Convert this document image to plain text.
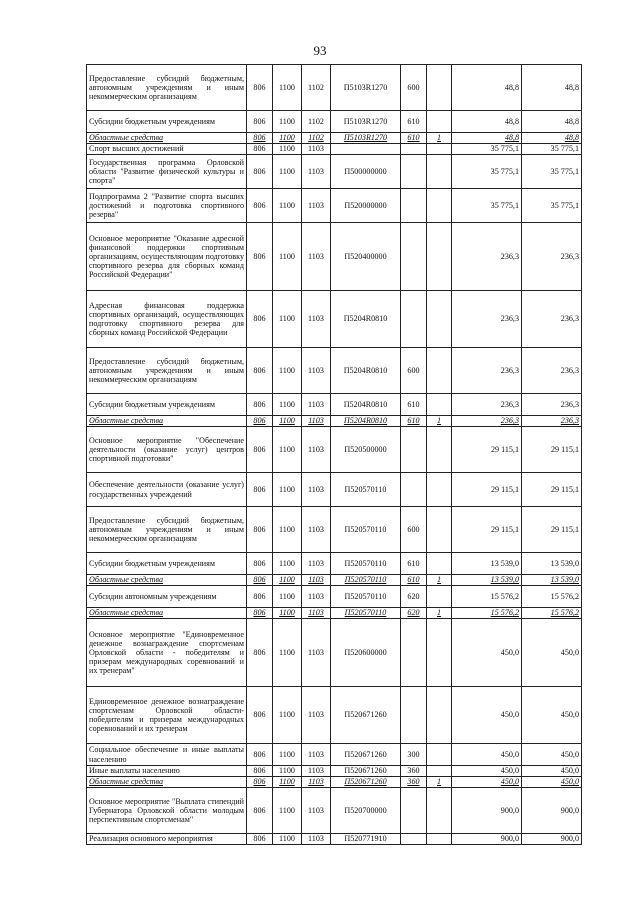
93
Предоставление субсидий бюджетным, автономным учреждениям и иным некоммерческим организациям	806	1100	1102	П5103R1270	600		48,8	48,8
Субсидии бюджетным учреждениям	806	1100	1102	П5103R1270	610		48,8	48,8
Областные средства	806	1100	1102	П5103R1270	610	1	48,8	48,8
Спорт высших достижений	806	1100	1103				35 775,1	35 775,1
Государственная программа Орловской области "Развитие физической культуры и спорта"	806	1100	1103	П500000000			35 775,1	35 775,1
Подпрограмма 2 "Развитие спорта высших достижений и подготовка спортивного резерва"	806	1100	1103	П520000000			35 775,1	35 775,1
Основное мероприятие "Оказание адресной финансовой поддержки спортивным организациям, осуществляющим подготовку спортивного резерва для сборных команд Российской Федерации"	806	1100	1103	П520400000			236,3	236,3
Адресная финансовая поддержка спортивных организаций, осуществляющих подготовку спортивного резерва для сборных команд Российской Федерации	806	1100	1103	П5204R0810			236,3	236,3
Предоставление субсидий бюджетным, автономным учреждениям и иным некоммерческим организациям	806	1100	1103	П5204R0810	600		236,3	236,3
Субсидии бюджетным учреждениям	806	1100	1103	П5204R0810	610		236,3	236,3
Областные средства	806	1100	1103	П5204R0810	610	1	236,3	236,3
Основное мероприятие "Обеспечение деятельности (оказание услуг) центров спортивной подготовки"	806	1100	1103	П520500000			29 115,1	29 115,1
Обеспечение деятельности (оказание услуг) государственных учреждений	806	1100	1103	П520570110			29 115,1	29 115,1
Предоставление субсидий бюджетным, автономным учреждениям и иным некоммерческим организациям	806	1100	1103	П520570110	600		29 115,1	29 115,1
Субсидии бюджетным учреждениям	806	1100	1103	П520570110	610		13 539,0	13 539,0
Областные средства	806	1100	1103	П520570110	610	1	13 539,0	13 539,0
Субсидии автономным учреждениям	806	1100	1103	П520570110	620		15 576,2	15 576,2
Областные средства	806	1100	1103	П520570110	620	1	15 576,2	15 576,2
Основное мероприятие "Единовременное денежное вознаграждение спортсменам Орловской области - победителям и призерам международных соревнований и их тренерам"	806	1100	1103	П520600000			450,0	450,0
Единовременное денежное вознаграждение спортсменам Орловской области-победителям и призерам международных соревнований и их тренерам	806	1100	1103	П520671260			450,0	450,0
Социальное обеспечение и иные выплаты населению	806	1100	1103	П520671260	300		450,0	450,0
Иные выплаты населению	806	1100	1103	П520671260	360		450,0	450,0
Областные средства	806	1100	1103	П520671260	360	1	450,0	450,0
Основное мероприятие "Выплата стипендий Губернатора Орловской области молодым перспективным спортсменам"	806	1100	1103	П520700000			900,0	900,0
Реализация основного мероприятия	806	1100	1103	П520771910			900,0	900,0
